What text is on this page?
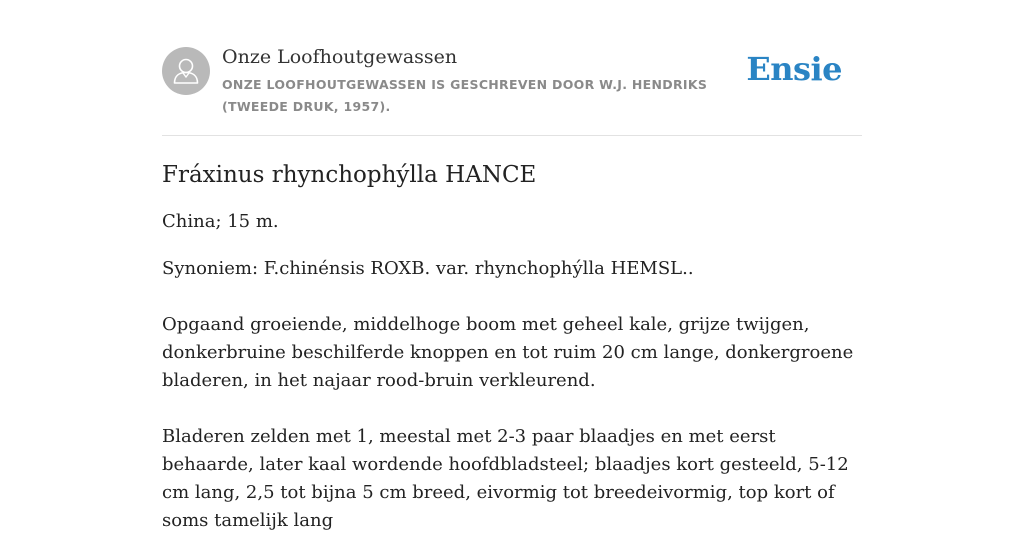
Onze Loofhoutgewassen
ONZE LOOFHOUTGEWASSEN IS GESCHREVEN DOOR W.J. HENDRIKS (TWEEDE DRUK, 1957).
Ensie
Fráxinus rhynchophýlla HANCE

China; 15 m.

Synoniem: F.chinénsis ROXB. var. rhynchophýlla HEMSL..

Opgaand groeiende, middelhoge boom met geheel kale, grijze twijgen, donkerbruine beschilferde knoppen en tot ruim 20 cm lange, donkergroene bladeren, in het najaar rood-bruin verkleurend.

Bladeren zelden met 1, meestal met 2-3 paar blaadjes en met eerst behaarde, later kaal wordende hoofdbladsteel; blaadjes kort gesteeld, 5-12 cm lang, 2,5 tot bijna 5 cm breed, eivormig tot breedeivormig, top kort of soms tamelijk lang
